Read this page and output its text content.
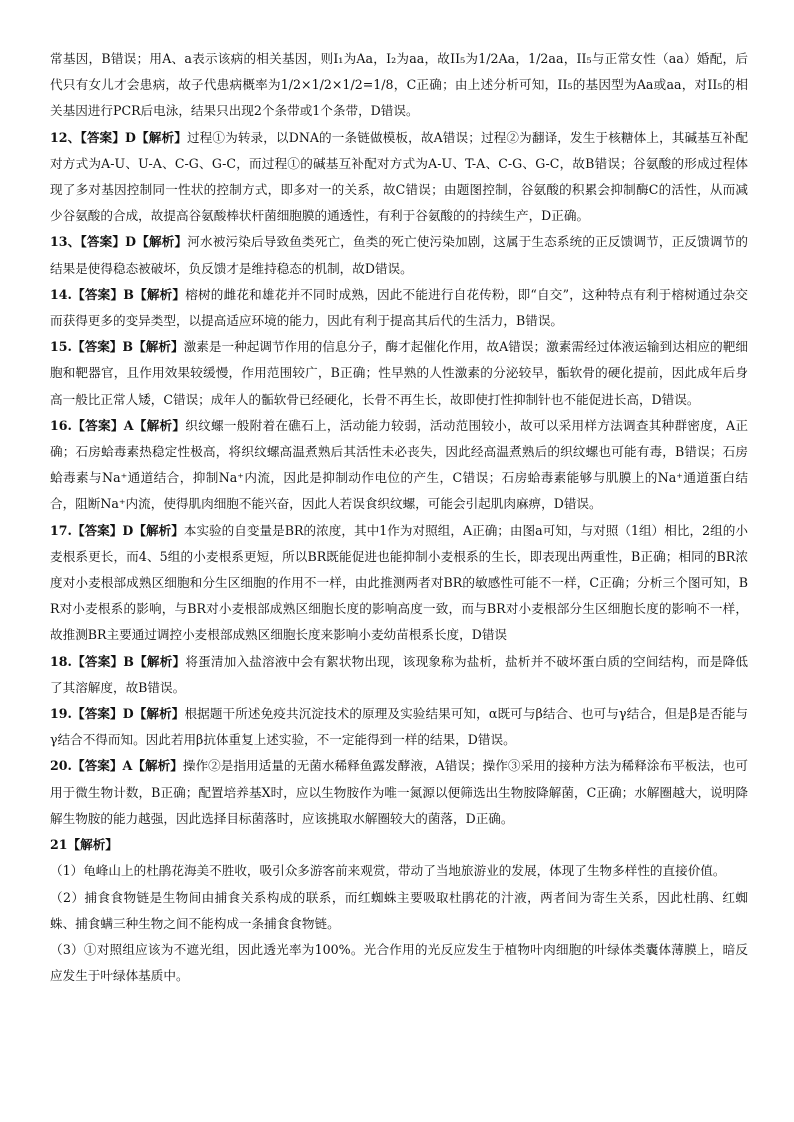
常基因，B错误；用A、a表示该病的相关基因，则I₁为Aa，I₂为aa，故II₅为1/2Aa，1/2aa，II₅与正常女性（aa）婚配，后代只有女儿才会患病，故子代患病概率为1/2×1/2×1/2=1/8，C正确；由上述分析可知，II₅的基因型为Aa或aa，对II₅的相关基因进行PCR后电泳，结果只出现2个条带或1个条带，D错误。

12、【答案】D【解析】过程①为转录，以DNA的一条链做模板，故A错误；过程②为翻译，发生于核糖体上，其碱基互补配对方式为A-U、U-A、C-G、G-C，而过程①的碱基互补配对方式为A-U、T-A、C-G、G-C，故B错误；谷氨酸的形成过程体现了多对基因控制同一性状的控制方式，即多对一的关系，故C错误；由题图控制，谷氨酸的积累会抑制酶C的活性，从而减少谷氨酸的合成，故提高谷氨酸棒状杆菌细胞膜的通透性，有利于谷氨酸的的持续生产，D正确。

13、【答案】D【解析】河水被污染后导致鱼类死亡，鱼类的死亡使污染加剧，这属于生态系统的正反馈调节，正反馈调节的结果是使得稳态被破坏，负反馈才是维持稳态的机制，故D错误。

14.【答案】B【解析】榕树的雌花和雄花并不同时成熟，因此不能进行自花传粉，即“自交”，这种特点有利于榕树通过杂交而获得更多的变异类型，以提高适应环境的能力，因此有利于提高其后代的生活力，B错误。

15.【答案】B【解析】激素是一种起调节作用的信息分子，酶才起催化作用，故A错误；激素需经过体液运输到达相应的靶细胞和靶器官，且作用效果较缓慢，作用范围较广，B正确；性早熟的人性激素的分泌较早，骺软骨的硬化提前，因此成年后身高一般比正常人矮，C错误；成年人的骺软骨已经硬化，长骨不再生长，故即使打性抑制针也不能促进长高，D错误。

16.【答案】A【解析】织纹螺一般附着在礁石上，活动能力较弱，活动范围较小，故可以采用样方法调查其种群密度，A正确；石房蛤毒素热稳定性极高，将织纹螺高温煮熟后其活性未必丧失，因此经高温煮熟后的织纹螺也可能有毒，B错误；石房蛤毒素与Na⁺通道结合，抑制Na⁺内流，因此是抑制动作电位的产生，C错误；石房蛤毒素能够与肌膜上的Na⁺通道蛋白结合，阻断Na⁺内流，使得肌肉细胞不能兴奋，因此人若误食织纹螺，可能会引起肌肉麻痹，D错误。

17.【答案】D【解析】本实验的自变量是BR的浓度，其中1作为对照组，A正确；由图a可知，与对照（1组）相比，2组的小麦根系更长，而4、5组的小麦根系更短，所以BR既能促进也能抑制小麦根系的生长，即表现出两重性，B正确；相同的BR浓度对小麦根部成熟区细胞和分生区细胞的作用不一样，由此推测两者对BR的敏感性可能不一样，C正确；分析三个图可知，BR对小麦根系的影响，与BR对小麦根部成熟区细胞长度的影响高度一致，而与BR对小麦根部分生区细胞长度的影响不一样，故推测BR主要通过调控小麦根部成熟区细胞长度来影响小麦幼苗根系长度，D错误

18.【答案】B【解析】将蛋清加入盐溶液中会有絮状物出现，该现象称为盐析，盐析并不破坏蛋白质的空间结构，而是降低了其溶解度，故B错误。

19.【答案】D【解析】根据题干所述免疫共沉淀技术的原理及实验结果可知，α既可与β结合、也可与γ结合，但是β是否能与γ结合不得而知。因此若用β抗体重复上述实验，不一定能得到一样的结果，D错误。

20.【答案】A【解析】操作②是指用适量的无菌水稀释鱼露发酵液，A错误；操作③采用的接种方法为稀释涂布平板法，也可用于微生物计数，B正确；配置培养基X时，应以生物胺作为唯一氮源以便筛选出生物胺降解菌，C正确；水解圈越大，说明降解生物胺的能力越强，因此选择目标菌落时，应该挑取水解圈较大的菌落，D正确。

21【解析】

（1）龟峰山上的杜鹃花海美不胜收，吸引众多游客前来观赏，带动了当地旅游业的发展，体现了生物多样性的直接价值。

（2）捕食食物链是生物间由捕食关系构成的联系，而红蜘蛛主要吸取杜鹃花的汁液，两者间为寄生关系，因此杜鹃、红蜘蛛、捕食螨三种生物之间不能构成一条捕食食物链。

（3）①对照组应该为不遮光组，因此透光率为100%。光合作用的光反应发生于植物叶肉细胞的叶绿体类囊体薄膜上，暗反应发生于叶绿体基质中。
